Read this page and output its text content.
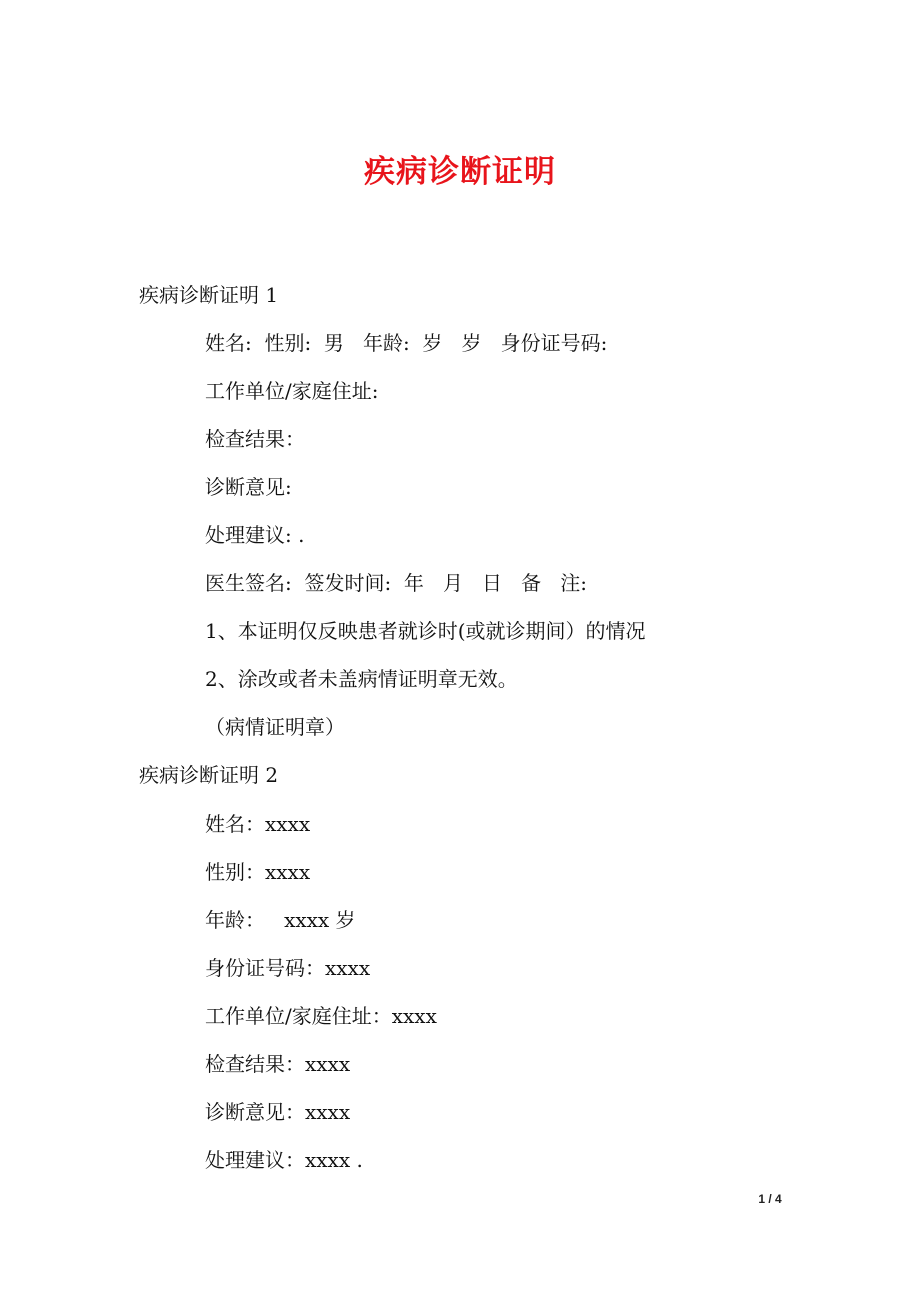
疾病诊断证明

疾病诊断证明 1

姓名:  性别:  男   年龄:  岁   岁   身份证号码:

工作单位/家庭住址:

检查结果：

诊断意见:

处理建议: .

医生签名:  签发时间:  年   月   日   备   注:

1、本证明仅反映患者就诊时(或就诊期间）的情况

2、涂改或者未盖病情证明章无效。

（病情证明章）

疾病诊断证明 2

姓名：xxxx

性别：xxxx

年龄：   xxxx 岁

身份证号码：xxxx

工作单位/家庭住址：xxxx

检查结果：xxxx

诊断意见：xxxx

处理建议：xxxx .

1 / 4
